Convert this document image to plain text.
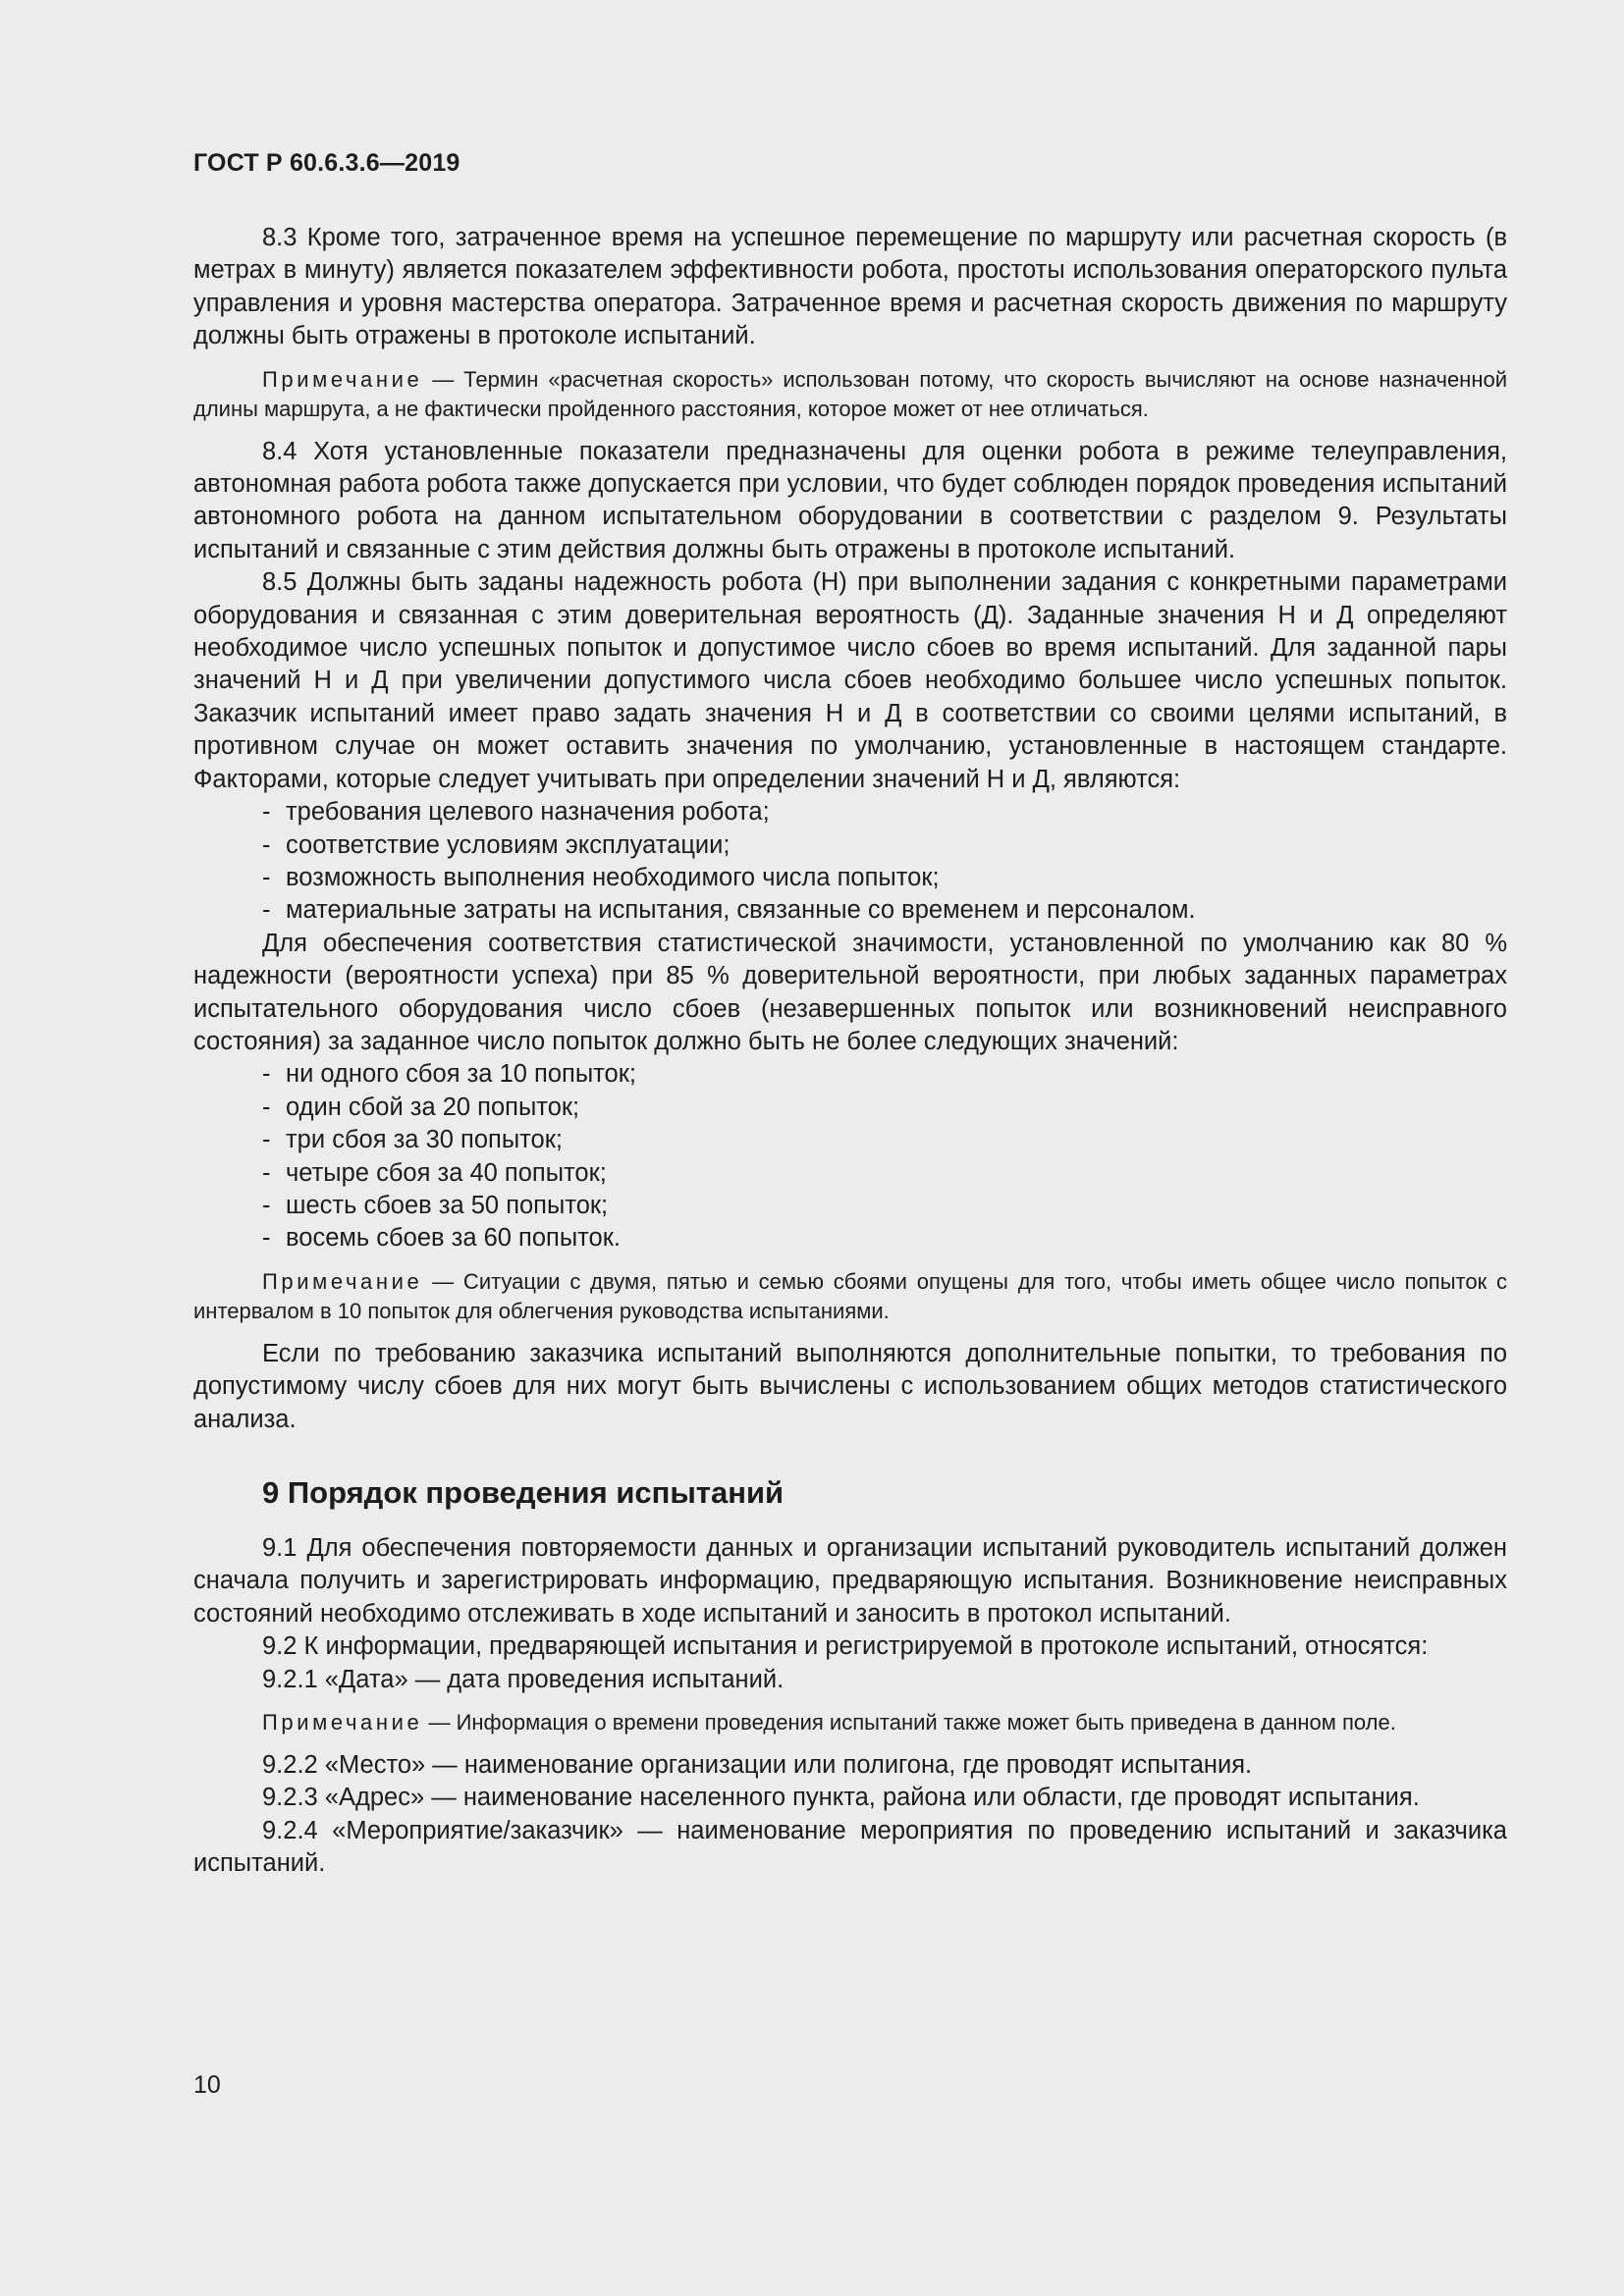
ГОСТ Р 60.6.3.6—2019

8.3 Кроме того, затраченное время на успешное перемещение по маршруту или расчетная скорость (в метрах в минуту) является показателем эффективности робота, простоты использования операторского пульта управления и уровня мастерства оператора. Затраченное время и расчетная скорость движения по маршруту должны быть отражены в протоколе испытаний.

Примечание — Термин «расчетная скорость» использован потому, что скорость вычисляют на основе назначенной длины маршрута, а не фактически пройденного расстояния, которое может от нее отличаться.

8.4 Хотя установленные показатели предназначены для оценки робота в режиме телеуправления, автономная работа робота также допускается при условии, что будет соблюден порядок проведения испытаний автономного робота на данном испытательном оборудовании в соответствии с разделом 9. Результаты испытаний и связанные с этим действия должны быть отражены в протоколе испытаний.

8.5 Должны быть заданы надежность робота (Н) при выполнении задания с конкретными параметрами оборудования и связанная с этим доверительная вероятность (Д). Заданные значения Н и Д определяют необходимое число успешных попыток и допустимое число сбоев во время испытаний. Для заданной пары значений Н и Д при увеличении допустимого числа сбоев необходимо большее число успешных попыток. Заказчик испытаний имеет право задать значения Н и Д в соответствии со своими целями испытаний, в противном случае он может оставить значения по умолчанию, установленные в настоящем стандарте. Факторами, которые следует учитывать при определении значений Н и Д, являются:

- требования целевого назначения робота;
- соответствие условиям эксплуатации;
- возможность выполнения необходимого числа попыток;
- материальные затраты на испытания, связанные со временем и персоналом.

Для обеспечения соответствия статистической значимости, установленной по умолчанию как 80 % надежности (вероятности успеха) при 85 % доверительной вероятности, при любых заданных параметрах испытательного оборудования число сбоев (незавершенных попыток или возникновений неисправного состояния) за заданное число попыток должно быть не более следующих значений:

- ни одного сбоя за 10 попыток;
- один сбой за 20 попыток;
- три сбоя за 30 попыток;
- четыре сбоя за 40 попыток;
- шесть сбоев за 50 попыток;
- восемь сбоев за 60 попыток.

Примечание — Ситуации с двумя, пятью и семью сбоями опущены для того, чтобы иметь общее число попыток с интервалом в 10 попыток для облегчения руководства испытаниями.

Если по требованию заказчика испытаний выполняются дополнительные попытки, то требования по допустимому числу сбоев для них могут быть вычислены с использованием общих методов статистического анализа.

9 Порядок проведения испытаний

9.1 Для обеспечения повторяемости данных и организации испытаний руководитель испытаний должен сначала получить и зарегистрировать информацию, предваряющую испытания. Возникновение неисправных состояний необходимо отслеживать в ходе испытаний и заносить в протокол испытаний.

9.2 К информации, предваряющей испытания и регистрируемой в протоколе испытаний, относятся:

9.2.1 «Дата» — дата проведения испытаний.

Примечание — Информация о времени проведения испытаний также может быть приведена в данном поле.

9.2.2 «Место» — наименование организации или полигона, где проводят испытания.

9.2.3 «Адрес» — наименование населенного пункта, района или области, где проводят испытания.

9.2.4 «Мероприятие/заказчик» — наименование мероприятия по проведению испытаний и заказчика испытаний.

10
